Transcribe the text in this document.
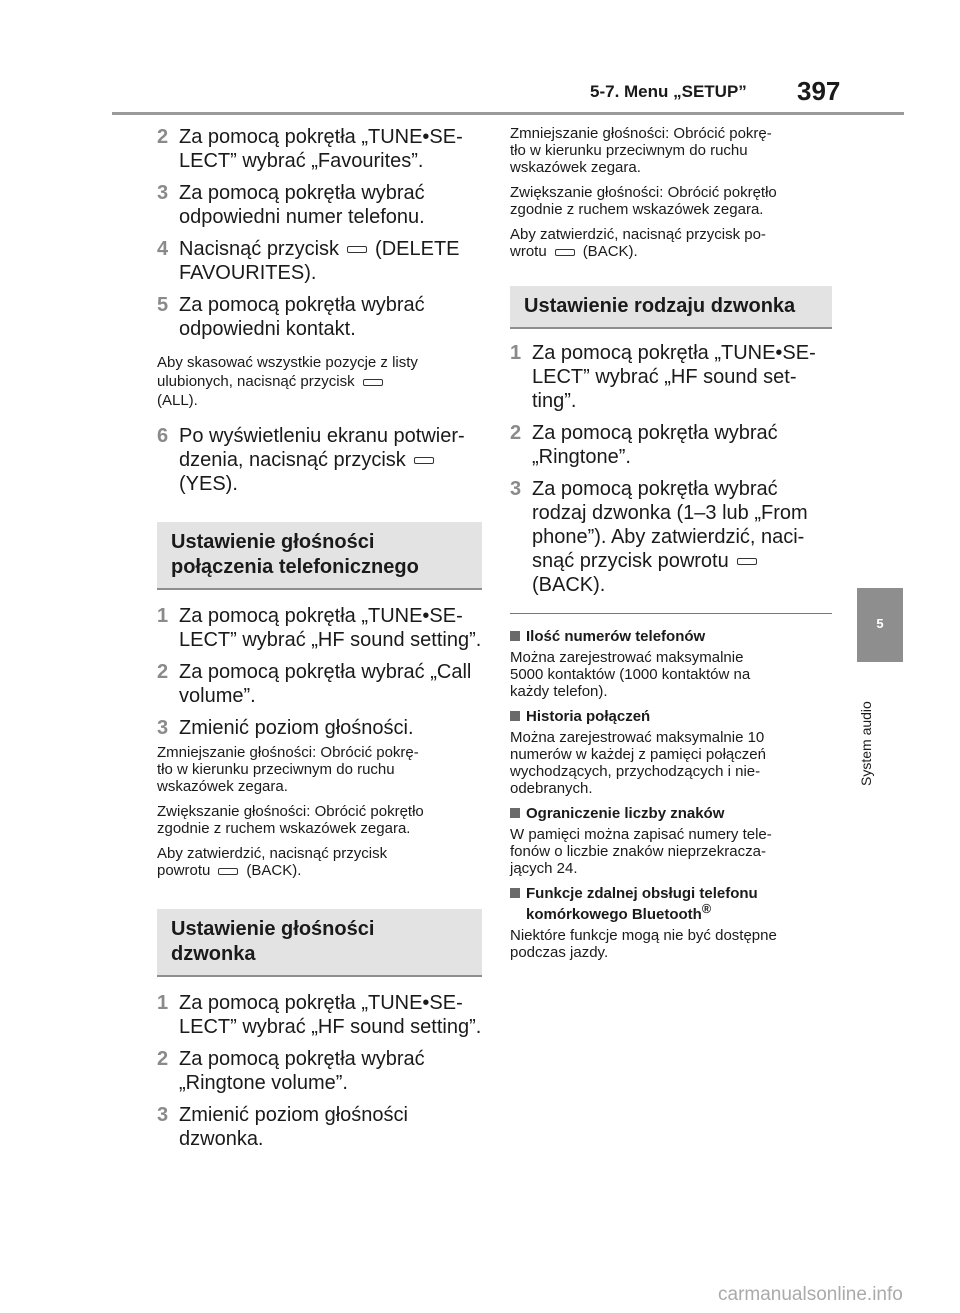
5-7. Menu „SETUP” 397
5
System audio
2 Za pomocą pokrętła „TUNE•SE-
LECT” wybrać „Favourites”.
3 Za pomocą pokrętła wybrać
odpowiedni numer telefonu.
4 Nacisnąć przycisk (DELETE
FAVOURITES).
5 Za pomocą pokrętła wybrać
odpowiedni kontakt.

Aby skasować wszystkie pozycje z listy
ulubionych, nacisnąć przycisk
(ALL).

6 Po wyświetleniu ekranu potwier-
dzenia, nacisnąć przycisk
(YES).
Ustawienie głośności
połączenia telefonicznego
1 Za pomocą pokrętła „TUNE•SE-
LECT” wybrać „HF sound setting”.
2 Za pomocą pokrętła wybrać „Call
volume”.
3 Zmienić poziom głośności.

Zmniejszanie głośności: Obrócić pokrę-
tło w kierunku przeciwnym do ruchu
wskazówek zegara.

Zwiększanie głośności: Obrócić pokrętło
zgodnie z ruchem wskazówek zegara.

Aby zatwierdzić, nacisnąć przycisk
powrotu (BACK).

Ustawienie głośności
dzwonka
1 Za pomocą pokrętła „TUNE•SE-
LECT” wybrać „HF sound setting”.
2 Za pomocą pokrętła wybrać
„Ringtone volume”.
3 Zmienić poziom głośności
dzwonka.

Zmniejszanie głośności: Obrócić pokrę-
tło w kierunku przeciwnym do ruchu
wskazówek zegara.

Zwiększanie głośności: Obrócić pokrętło
zgodnie z ruchem wskazówek zegara.

Aby zatwierdzić, nacisnąć przycisk po-
wrotu (BACK).

Ustawienie rodzaju dzwonka
1 Za pomocą pokrętła „TUNE•SE-
LECT” wybrać „HF sound set-
ting”.
2 Za pomocą pokrętła wybrać
„Ringtone”.
3 Za pomocą pokrętła wybrać
rodzaj dzwonka (1–3 lub „From
phone”). Aby zatwierdzić, naci-
snąć przycisk powrotu
(BACK).
Ilość numerów telefonów

Można zarejestrować maksymalnie
5000 kontaktów (1000 kontaktów na
każdy telefon).

Historia połączeń

Można zarejestrować maksymalnie 10
numerów w każdej z pamięci połączeń
wychodzących, przychodzących i nie-
odebranych.

Ograniczenie liczby znaków

W pamięci można zapisać numery tele-
fonów o liczbie znaków nieprzekracza-
jących 24.

Funkcje zdalnej obsługi telefonu
komórkowego Bluetooth®

Niektóre funkcje mogą nie być dostępne
podczas jazdy.

carmanualsonline.info
